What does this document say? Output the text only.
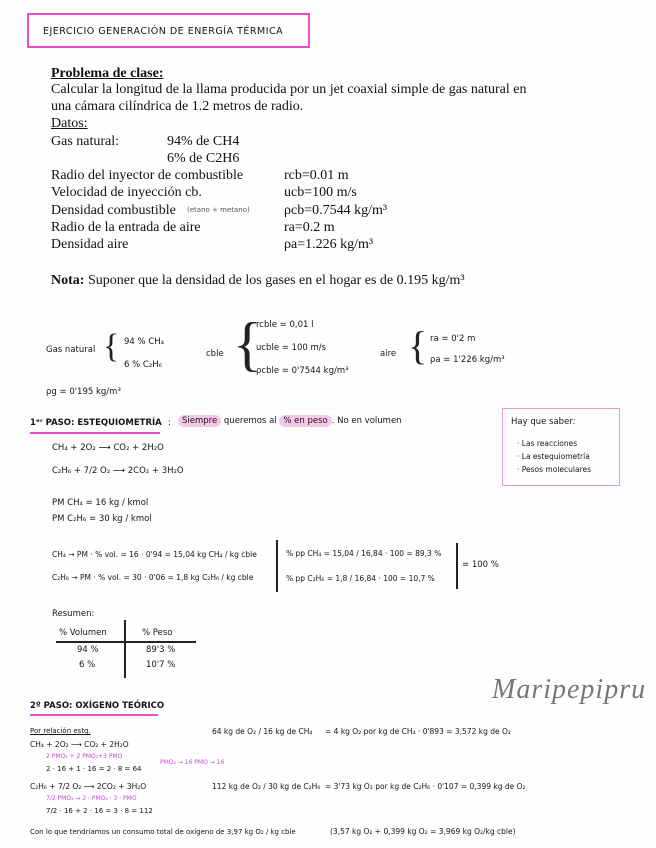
EJERCICIO GENERACIÓN DE ENERGÍA TÉRMICA
Problema de clase:
Calcular la longitud de la llama producida por un jet coaxial simple de gas natural en
una cámara cilíndrica de 1.2 metros de radio.
Datos:
Gas natural:	94% de CH4
6% de C2H6
Radio del inyector de combustible	rcb=0.01 m
Velocidad de inyección cb.	ucb=100 m/s
Densidad combustible (etano + metano) ρcb=0.7544 kg/m³
Radio de la entrada de aire	ra=0.2 m
Densidad aire	ρa=1.226 kg/m³
Nota: Suponer que la densidad de los gases en el hogar es de 0.195 kg/m³
Gas natural { 94 % CH₄
6 % C₂H₆
cble {
rcble = 0,01 l
ucble = 100 m/s
ρcble = 0'7544 kg/m³
aire { ra = 0'2 m
ρa = 1'226 kg/m³
ρg = 0'195 kg/m³
1ᵉʳ PASO: ESTEQUIOMETRÍA :	Siempre queremos al % en peso . No en volumen
CH₄ + 2O₂ ⟶ CO₂ + 2H₂O
C₂H₆ + 7/2 O₂ ⟶ 2CO₂ + 3H₂O
PM CH₄ = 16 kg / kmol
PM C₂H₆ = 30 kg / kmol
CH₄ → PM · % vol. = 16 · 0'94 = 15,04 kg CH₄ / kg cble
C₂H₆ → PM · % vol. = 30 · 0'06 = 1,8 kg C₂H₆ / kg cble
% pp CH₄ = 15,04 / 16,84 · 100 = 89,3 %
% pp C₂H₆ = 1,8 / 16,84 · 100 = 10,7 %
= 100 %
Hay que saber:
· Las reacciones
· La estequiometría
· Pesos moleculares
Resumen:
% Volumen	% Peso
94 %	89'3 %
6 %	10'7 %
Maripepipru
2º PASO: OXÍGENO TEÓRICO
Por relación estq.
CH₄ + 2O₂ ⟶ CO₂ + 2H₂O
2 PMO₂ + 2 PMO₂+3 PMO
PMO₂ → 16 PMO → 16
2 · 16 + 1 · 16 = 2 · 8 = 64
64 kg de O₂ / 16 kg de CH₄ = 4 kg O₂ por kg de CH₄ · 0'893 = 3,572 kg de O₂
C₂H₆ + 7/2 O₂ ⟶ 2CO₂ + 3H₂O
7/2 PMO₂ → 2 · PMO₂ · 3 · PMO
7/2 · 16 + 2 · 16 = 3 · 8 = 112
112 kg de O₂ / 30 kg de C₂H₆ = 3'73 kg O₂ por kg de C₂H₆ · 0'107 = 0,399 kg de O₂
Con lo que tendríamos un consumo total de oxígeno de 3,97 kg O₂ / kg cble	(3,57 kg O₂ + 0,399 kg O₂ = 3,969 kg O₂/kg cble)
